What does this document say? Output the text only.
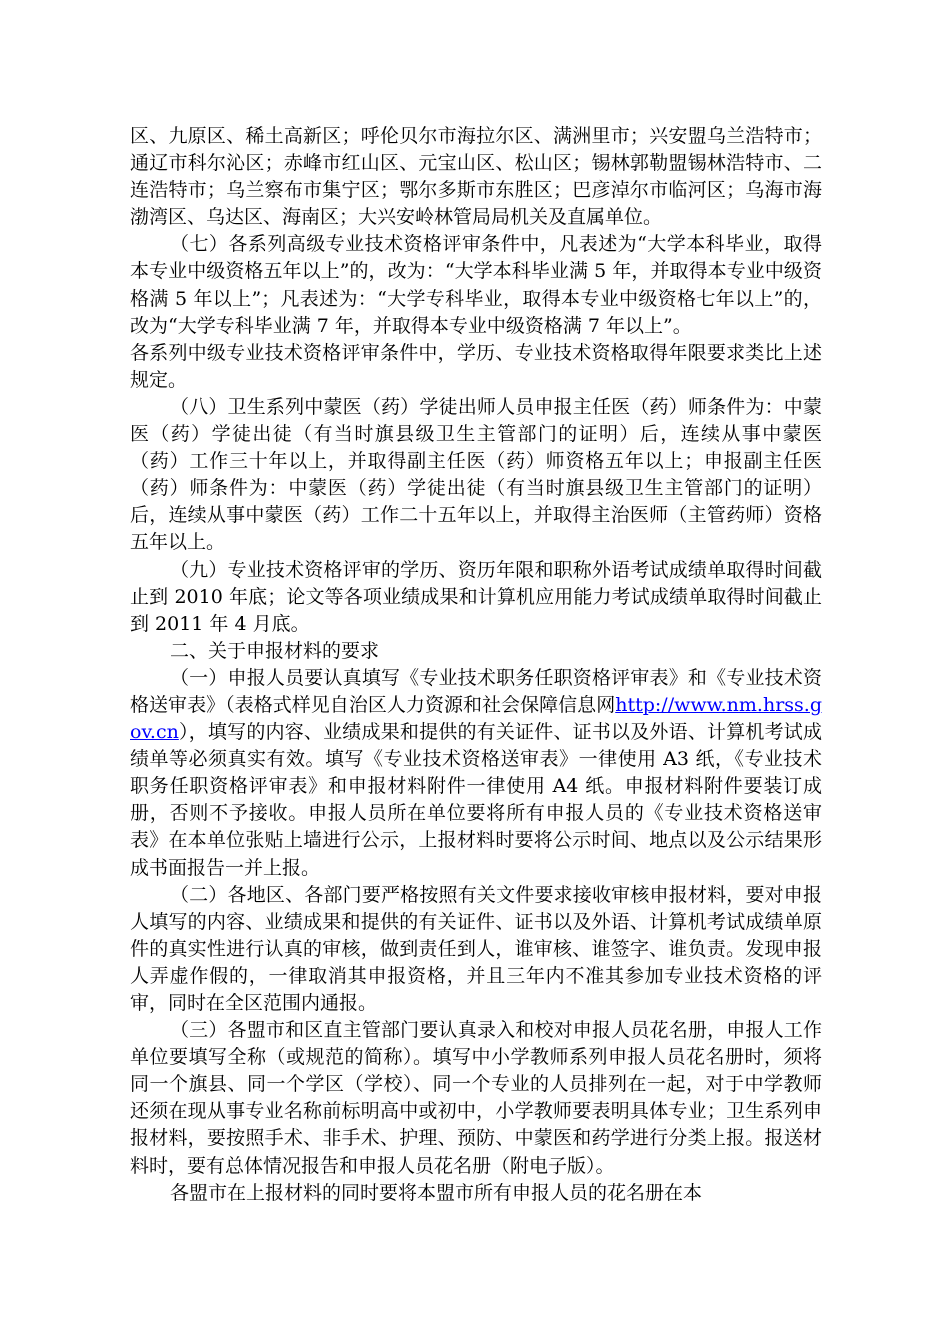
区、九原区、稀土高新区；呼伦贝尔市海拉尔区、满洲里市；兴安盟乌兰浩特市；通辽市科尔沁区；赤峰市红山区、元宝山区、松山区；锡林郭勒盟锡林浩特市、二连浩特市；乌兰察布市集宁区；鄂尔多斯市东胜区；巴彦淖尔市临河区；乌海市海渤湾区、乌达区、海南区；大兴安岭林管局局机关及直属单位。

（七）各系列高级专业技术资格评审条件中，凡表述为“大学本科毕业，取得本专业中级资格五年以上”的，改为：“大学本科毕业满 5 年，并取得本专业中级资格满 5 年以上”；凡表述为：“大学专科毕业，取得本专业中级资格七年以上”的，改为“大学专科毕业满 7 年，并取得本专业中级资格满 7 年以上”。

各系列中级专业技术资格评审条件中，学历、专业技术资格取得年限要求类比上述规定。

（八）卫生系列中蒙医（药）学徒出师人员申报主任医（药）师条件为：中蒙医（药）学徒出徒（有当时旗县级卫生主管部门的证明）后，连续从事中蒙医（药）工作三十年以上，并取得副主任医（药）师资格五年以上；申报副主任医（药）师条件为：中蒙医（药）学徒出徒（有当时旗县级卫生主管部门的证明）后，连续从事中蒙医（药）工作二十五年以上，并取得主治医师（主管药师）资格五年以上。

（九）专业技术资格评审的学历、资历年限和职称外语考试成绩单取得时间截止到 2010 年底；论文等各项业绩成果和计算机应用能力考试成绩单取得时间截止到 2011 年 4 月底。

二、关于申报材料的要求

（一）申报人员要认真填写《专业技术职务任职资格评审表》和《专业技术资格送审表》（表格式样见自治区人力资源和社会保障信息网http://www.nm.hrss.gov.cn），填写的内容、业绩成果和提供的有关证件、证书以及外语、计算机考试成绩单等必须真实有效。填写《专业技术资格送审表》一律使用 A3 纸，《专业技术职务任职资格评审表》和申报材料附件一律使用 A4 纸。申报材料附件要装订成册，否则不予接收。申报人员所在单位要将所有申报人员的《专业技术资格送审表》在本单位张贴上墙进行公示，上报材料时要将公示时间、地点以及公示结果形成书面报告一并上报。

（二）各地区、各部门要严格按照有关文件要求接收审核申报材料，要对申报人填写的内容、业绩成果和提供的有关证件、证书以及外语、计算机考试成绩单原件的真实性进行认真的审核，做到责任到人，谁审核、谁签字、谁负责。发现申报人弄虚作假的，一律取消其申报资格，并且三年内不准其参加专业技术资格的评审，同时在全区范围内通报。

（三）各盟市和区直主管部门要认真录入和校对申报人员花名册，申报人工作单位要填写全称（或规范的简称）。填写中小学教师系列申报人员花名册时，须将同一个旗县、同一个学区（学校）、同一个专业的人员排列在一起，对于中学教师还须在现从事专业名称前标明高中或初中，小学教师要表明具体专业；卫生系列申报材料，要按照手术、非手术、护理、预防、中蒙医和药学进行分类上报。报送材料时，要有总体情况报告和申报人员花名册（附电子版）。

各盟市在上报材料的同时要将本盟市所有申报人员的花名册在本
